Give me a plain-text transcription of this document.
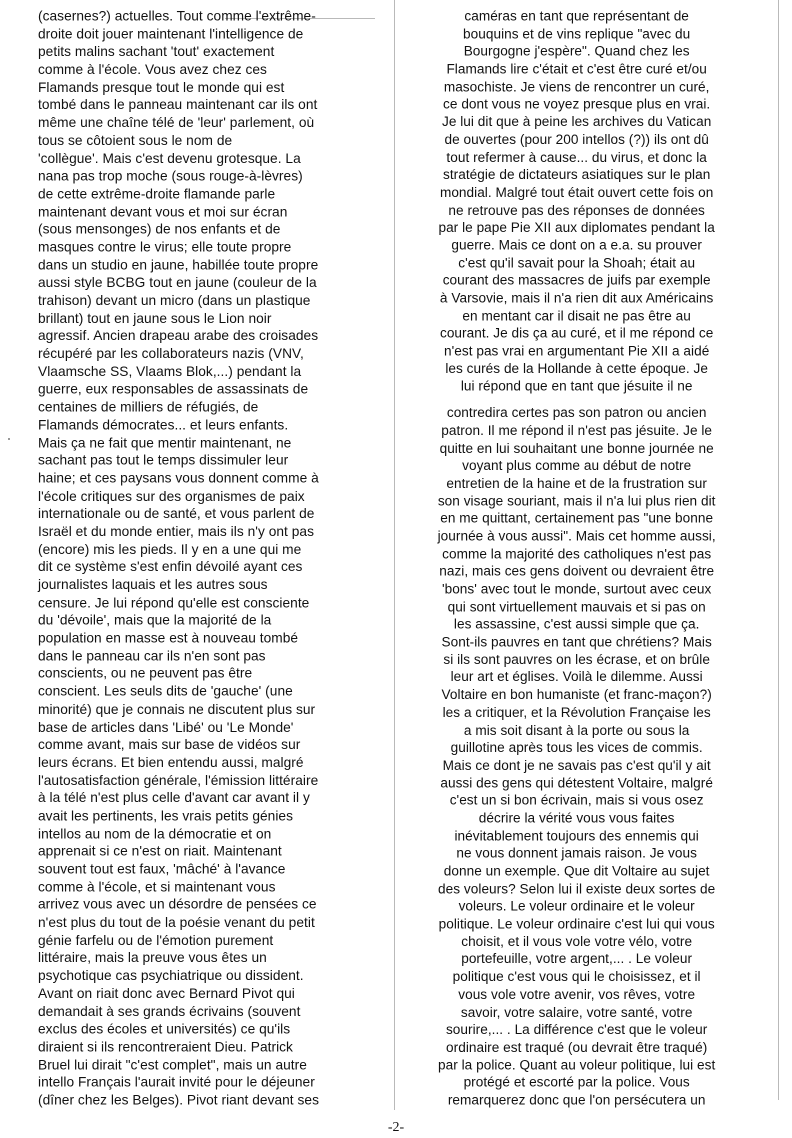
(casernes?) actuelles. Tout comme l'extrême-
droite doit jouer maintenant l'intelligence de
petits malins sachant 'tout' exactement
comme à l'école. Vous avez chez ces
Flamands presque tout le monde qui est
tombé dans le panneau maintenant car ils ont
même une chaîne télé de 'leur' parlement, où
tous se côtoient sous le nom de
'collègue'. Mais c'est devenu grotesque. La
nana pas trop moche (sous rouge-à-lèvres)
de cette extrême-droite flamande parle
maintenant devant vous et moi sur écran
(sous mensonges) de nos enfants et de
masques contre le virus; elle toute propre
dans un studio en jaune, habillée toute propre
aussi style BCBG tout en jaune (couleur de la
trahison) devant un micro (dans un plastique
brillant) tout en jaune sous le Lion noir
agressif. Ancien drapeau arabe des croisades
récupéré par les collaborateurs nazis (VNV,
Vlaamsche SS, Vlaams Blok,...) pendant la
guerre, eux responsables de assassinats de
centaines de milliers de réfugiés, de
Flamands démocrates... et leurs enfants.
Mais ça ne fait que mentir maintenant, ne
sachant pas tout le temps dissimuler leur
haine; et ces paysans vous donnent comme à
l'école critiques sur des organismes de paix
internationale ou de santé, et vous parlent de
Israël et du monde entier, mais ils n'y ont pas
(encore) mis les pieds. Il y en a une qui me
dit ce système s'est enfin dévoilé ayant ces
journalistes laquais et les autres sous
censure. Je lui répond qu'elle est consciente
du 'dévoile', mais que la majorité de la
population en masse est à nouveau tombé
dans le panneau car ils n'en sont pas
conscients, ou ne peuvent pas être
conscient. Les seuls dits de 'gauche' (une
minorité) que je connais ne discutent plus sur
base de articles dans 'Libé' ou 'Le Monde'
comme avant, mais sur base de vidéos sur
leurs écrans. Et bien entendu aussi, malgré
l'autosatisfaction générale, l'émission littéraire
à la télé n'est plus celle d'avant car avant il y
avait les pertinents, les vrais petits génies
intellos au nom de la démocratie et on
apprenait si ce n'est on riait. Maintenant
souvent tout est faux, 'mâché' à l'avance
comme à l'école, et si maintenant vous
arrivez vous avec un désordre de pensées ce
n'est plus du tout de la poésie venant du petit
génie farfelu ou de l'émotion purement
littéraire, mais la preuve vous êtes un
psychotique cas psychiatrique ou dissident.
Avant on riait donc avec Bernard Pivot qui
demandait à ses grands écrivains (souvent
exclus des écoles et universités) ce qu'ils
diraient si ils rencontreraient Dieu. Patrick
Bruel lui dirait "c'est complet", mais un autre
intello Français l'aurait invité pour le déjeuner
(dîner chez les Belges). Pivot riant devant ses
caméras en tant que représentant de
bouquins et de vins replique "avec du
Bourgogne j'espère". Quand chez les
Flamands lire c'était et c'est être curé et/ou
masochiste. Je viens de rencontrer un curé,
ce dont vous ne voyez presque plus en vrai.
Je lui dit que à peine les archives du Vatican
de ouvertes (pour 200 intellos (?)) ils ont dû
tout refermer à cause... du virus, et donc la
stratégie de dictateurs asiatiques sur le plan
mondial. Malgré tout était ouvert cette fois on
ne retrouve pas des réponses de données
par le pape Pie XII aux diplomates pendant la
guerre. Mais ce dont on a e.a. su prouver
c'est qu'il savait pour la Shoah; était au
courant des massacres de juifs par exemple
à Varsovie, mais il n'a rien dit aux Américains
en mentant car il disait ne pas être au
courant. Je dis ça au curé, et il me répond ce
n'est pas vrai en argumentant Pie XII a aidé
les curés de la Hollande à cette époque. Je
lui répond que en tant que jésuite il ne
contredira certes pas son patron ou ancien
patron. Il me répond il n'est pas jésuite. Je le
quitte en lui souhaitant une bonne journée ne
voyant plus comme au début de notre
entretien de la haine et de la frustration sur
son visage souriant, mais il n'a lui plus rien dit
en me quittant, certainement pas "une bonne
journée à vous aussi". Mais cet homme aussi,
comme la majorité des catholiques n'est pas
nazi, mais ces gens doivent ou devraient être
'bons' avec tout le monde, surtout avec ceux
qui sont virtuellement mauvais et si pas on
les assassine, c'est aussi simple que ça.
Sont-ils pauvres en tant que chrétiens? Mais
si ils sont pauvres on les écrase, et on brûle
leur art et églises. Voilà le dilemme. Aussi
Voltaire en bon humaniste (et franc-maçon?)
les a critiquer, et la Révolution Française les
a mis soit disant à la porte ou sous la
guillotine après tous les vices de commis.
Mais ce dont je ne savais pas c'est qu'il y ait
aussi des gens qui détestent Voltaire, malgré
c'est un si bon écrivain, mais si vous osez
décrire la vérité vous vous faites
inévitablement toujours des ennemis qui
ne vous donnent jamais raison. Je vous
donne un exemple. Que dit Voltaire au sujet
des voleurs? Selon lui il existe deux sortes de
voleurs. Le voleur ordinaire et le voleur
politique. Le voleur ordinaire c'est lui qui vous
choisit, et il vous vole votre vélo, votre
portefeuille, votre argent,... . Le voleur
politique c'est vous qui le choisissez, et il
vous vole votre avenir, vos rêves, votre
savoir, votre salaire, votre santé, votre
sourire,... . La différence c'est que le voleur
ordinaire est traqué (ou devrait être traqué)
par la police. Quant au voleur politique, lui est
protégé et escorté par la police. Vous
remarquerez donc que l'on persécutera un
-2-
